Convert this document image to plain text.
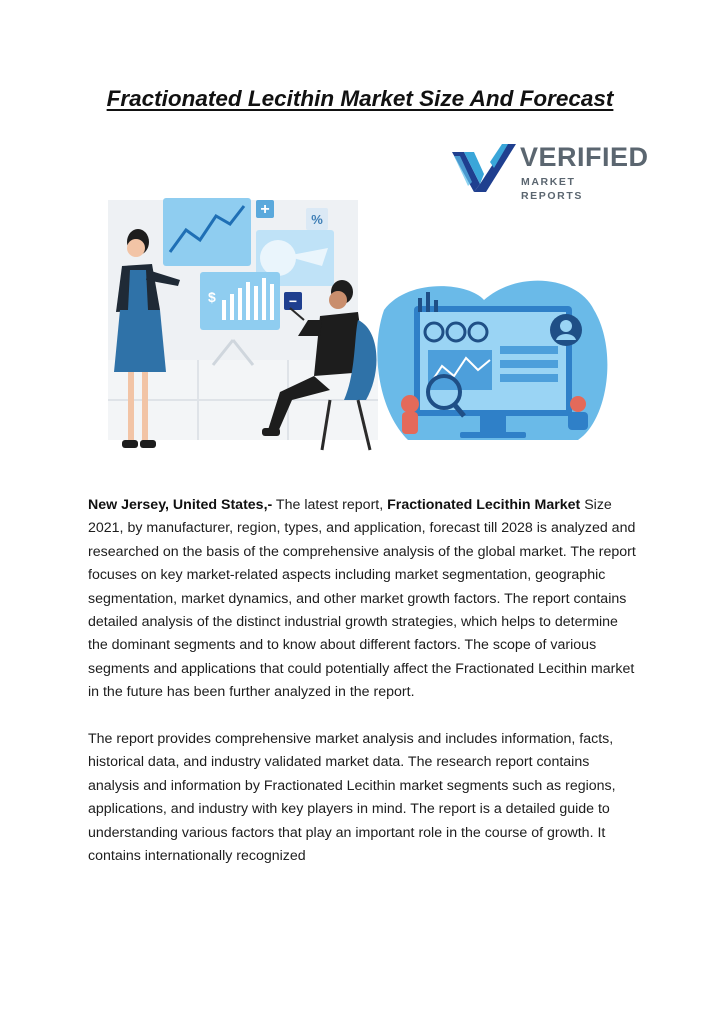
Fractionated Lecithin Market Size And Forecast
VERIFIED
MARKET REPORTS
+
%
$	−

New Jersey, United States,- The latest report, Fractionated Lecithin Market Size 2021, by manufacturer, region, types, and application, forecast till 2028 is analyzed and researched on the basis of the comprehensive analysis of the global market. The report focuses on key market-related aspects including market segmentation, geographic segmentation, market dynamics, and other market growth factors. The report contains detailed analysis of the distinct industrial growth strategies, which helps to determine the dominant segments and to know about different factors. The scope of various segments and applications that could potentially affect the Fractionated Lecithin market in the future has been further analyzed in the report.

The report provides comprehensive market analysis and includes information, facts, historical data, and industry validated market data. The research report contains analysis and information by Fractionated Lecithin market segments such as regions, applications, and industry with key players in mind. The report is a detailed guide to understanding various factors that play an important role in the course of growth. It contains internationally recognized
